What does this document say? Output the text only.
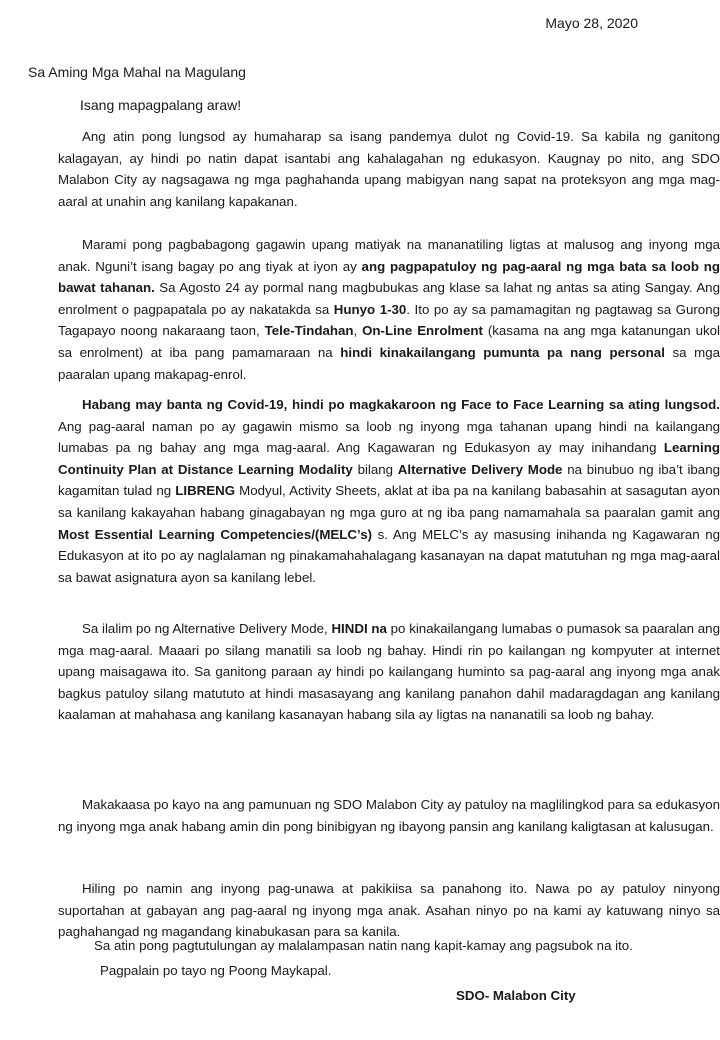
Mayo 28, 2020
Sa Aming Mga Mahal na Magulang
Isang mapagpalang araw!

Ang atin pong lungsod ay humaharap sa isang pandemya dulot ng Covid-19. Sa kabila ng ganitong kalagayan, ay hindi po natin dapat isantabi ang kahalagahan ng edukasyon. Kaugnay po nito, ang SDO Malabon City ay nagsagawa ng mga paghahanda upang mabigyan nang sapat na proteksyon ang mga mag-aaral at unahin ang kanilang kapakanan.

Marami pong pagbabagong gagawin upang matiyak na mananatiling ligtas at malusog ang inyong mga anak. Nguni’t isang bagay po ang tiyak at iyon ay ang pagpapatuloy ng pag-aaral ng mga bata sa loob ng bawat tahanan. Sa Agosto 24 ay pormal nang magbubukas ang klase sa lahat ng antas sa ating Sangay. Ang enrolment o pagpapatala po ay nakatakda sa Hunyo 1-30. Ito po ay sa pamamagitan ng pagtawag sa Gurong Tagapayo noong nakaraang taon, Tele-Tindahan, On-Line Enrolment (kasama na ang mga katanungan ukol sa enrolment) at iba pang pamamaraan na hindi kinakailangang pumunta pa nang personal sa mga paaralan upang makapag-enrol.

Habang may banta ng Covid-19, hindi po magkakaroon ng Face to Face Learning sa ating lungsod. Ang pag-aaral naman po ay gagawin mismo sa loob ng inyong mga tahanan upang hindi na kailangang lumabas pa ng bahay ang mga mag-aaral. Ang Kagawaran ng Edukasyon ay may inihandang Learning Continuity Plan at Distance Learning Modality bilang Alternative Delivery Mode na binubuo ng iba’t ibang kagamitan tulad ng LIBRENG Modyul, Activity Sheets, aklat at iba pa na kanilang babasahin at sasagutan ayon sa kanilang kakayahan habang ginagabayan ng mga guro at ng iba pang namamahala sa paaralan gamit ang Most Essential Learning Competencies/(MELC’s) s. Ang MELC’s ay masusing inihanda ng Kagawaran ng Edukasyon at ito po ay naglalaman ng pinakamahahalagang kasanayan na dapat matutuhan ng mga mag-aaral sa bawat asignatura ayon sa kanilang lebel.

Sa ilalim po ng Alternative Delivery Mode, HINDI na po kinakailangang lumabas o pumasok sa paaralan ang mga mag-aaral. Maaari po silang manatili sa loob ng bahay. Hindi rin po kailangan ng kompyuter at internet upang maisagawa ito. Sa ganitong paraan ay hindi po kailangang huminto sa pag-aaral ang inyong mga anak bagkus patuloy silang matututo at hindi masasayang ang kanilang panahon dahil madaragdagan ang kanilang kaalaman at mahahasa ang kanilang kasanayan habang sila ay ligtas na nananatili sa loob ng bahay.

Makakaasa po kayo na ang pamunuan ng SDO Malabon City ay patuloy na maglilingkod para sa edukasyon ng inyong mga anak habang amin din pong binibigyan ng ibayong pansin ang kanilang kaligtasan at kalusugan.

Hiling po namin ang inyong pag-unawa at pakikiisa sa panahong ito. Nawa po ay patuloy ninyong suportahan at gabayan ang pag-aaral ng inyong mga anak. Asahan ninyo po na kami ay katuwang ninyo sa paghahangad ng magandang kinabukasan para sa kanila.

Sa atin pong pagtutulungan ay malalampasan natin nang kapit-kamay ang pagsubok na ito.
Pagpalain po tayo ng Poong Maykapal.
SDO- Malabon City
